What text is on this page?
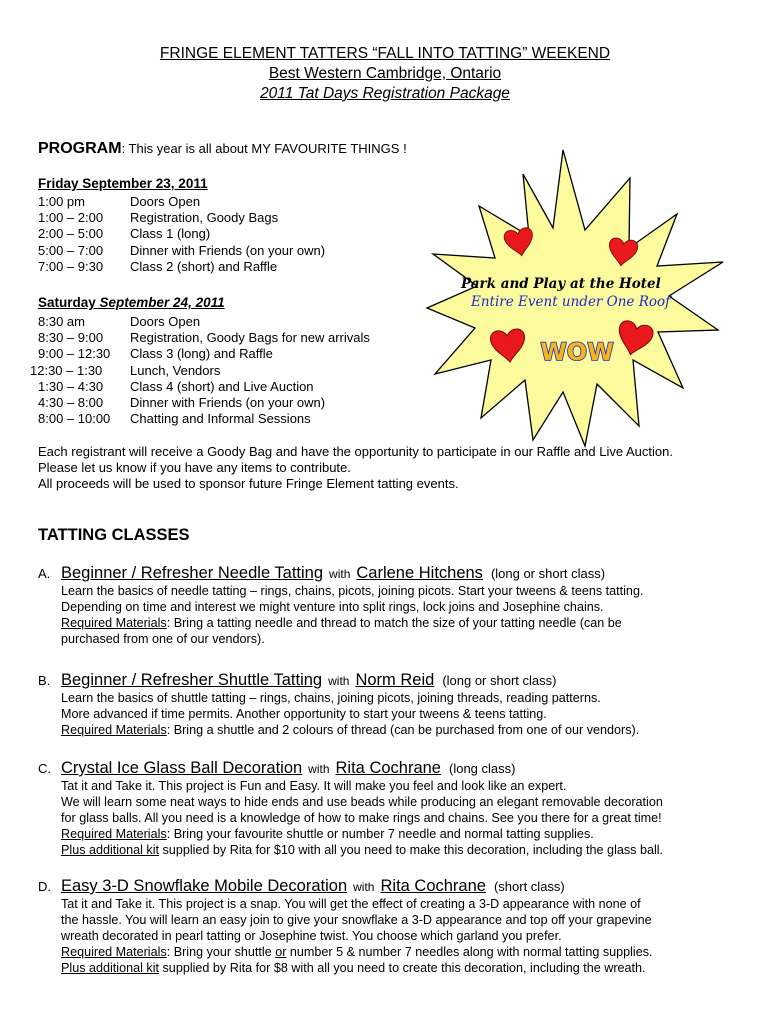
FRINGE ELEMENT TATTERS “FALL INTO TATTING” WEEKEND
Best Western Cambridge, Ontario
2011 Tat Days Registration Package
PROGRAM: This year is all about MY FAVOURITE THINGS !
Friday September 23, 2011
1:00 pm	Doors Open
1:00 – 2:00	Registration, Goody Bags
2:00 – 5:00	Class 1 (long)
5:00 – 7:00	Dinner with Friends (on your own)
7:00 – 9:30	Class 2 (short) and Raffle
Saturday September 24, 2011
8:30 am	Doors Open
8:30 – 9:00	Registration, Goody Bags for new arrivals
9:00 – 12:30	Class 3 (long) and Raffle
12:30 – 1:30	Lunch, Vendors
1:30 – 4:30	Class 4 (short) and Live Auction
4:30 – 8:00	Dinner with Friends (on your own)
8:00 – 10:00	Chatting and Informal Sessions
WOW
Park and Play at the Hotel
Entire Event under One Roof
Each registrant will receive a Goody Bag and have the opportunity to participate in our Raffle and Live Auction.
Please let us know if you have any items to contribute.
All proceeds will be used to sponsor future Fringe Element tatting events.
TATTING CLASSES
A. Beginner / Refresher Needle Tatting with Carlene Hitchens (long or short class)
Learn the basics of needle tatting – rings, chains, picots, joining picots. Start your tweens & teens tatting.
Depending on time and interest we might venture into split rings, lock joins and Josephine chains.
Required Materials: Bring a tatting needle and thread to match the size of your tatting needle (can be
purchased from one of our vendors).
B. Beginner / Refresher Shuttle Tatting with Norm Reid (long or short class)
Learn the basics of shuttle tatting – rings, chains, joining picots, joining threads, reading patterns.
More advanced if time permits. Another opportunity to start your tweens & teens tatting.
Required Materials: Bring a shuttle and 2 colours of thread (can be purchased from one of our vendors).
C. Crystal Ice Glass Ball Decoration with Rita Cochrane (long class)
Tat it and Take it. This project is Fun and Easy. It will make you feel and look like an expert.
We will learn some neat ways to hide ends and use beads while producing an elegant removable decoration
for glass balls. All you need is a knowledge of how to make rings and chains. See you there for a great time!
Required Materials: Bring your favourite shuttle or number 7 needle and normal tatting supplies.
Plus additional kit supplied by Rita for $10 with all you need to make this decoration, including the glass ball.
D. Easy 3-D Snowflake Mobile Decoration with Rita Cochrane (short class)
Tat it and Take it. This project is a snap. You will get the effect of creating a 3-D appearance with none of
the hassle. You will learn an easy join to give your snowflake a 3-D appearance and top off your grapevine
wreath decorated in pearl tatting or Josephine twist. You choose which garland you prefer.
Required Materials: Bring your shuttle or number 5 & number 7 needles along with normal tatting supplies.
Plus additional kit supplied by Rita for $8 with all you need to create this decoration, including the wreath.
